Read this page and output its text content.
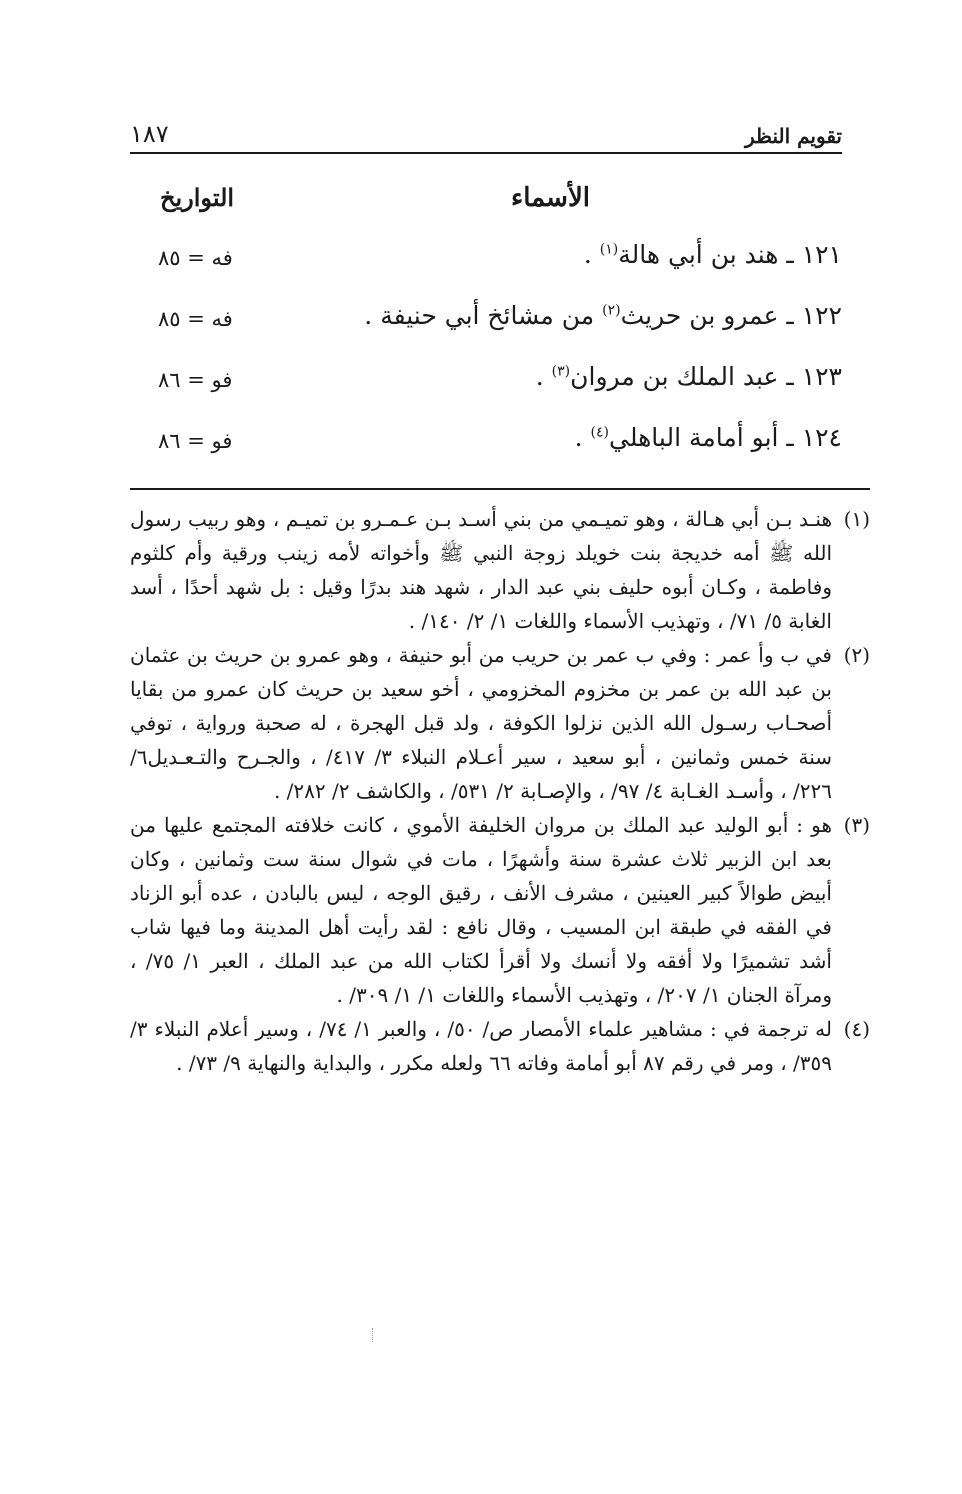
تقويم النظر
١٨٧
الأسماء
التواريخ
١٢١ ـ هند بن أبي هالة$^{(١)}$ .
فه = ٨٥
١٢٢ ـ عمرو بن حريث$^{(٢)}$ من مشائخ أبي حنيفة .
فه = ٨٥
١٢٣ ـ عبد الملك بن مروان$^{(٣)}$ .
فو = ٨٦
١٢٤ ـ أبو أمامة الباهلي$^{(٤)}$ .
فو = ٨٦
(١)
هنـد بـن أبي هـالة ، وهو تميـمي من بني أسـد بـن عـمـرو بن تميـم ، وهو ربيب رسول الله ﷺ أمه خديجة بنت خويلد زوجة النبي ﷺ وأخواته لأمه زينب ورقية وأم كلثوم وفاطمة ، وكـان أبوه حليف بني عبد الدار ، شهد هند بدرًا وقيل : بل شهد أحدًا ، أسد الغابة ٥/ ٧١/ ، وتهذيب الأسماء واللغات ١/ ٢/ ١٤٠/ .
(٢)
في ب وأ عمر : وفي ب عمر بن حريب من أبو حنيفة ، وهو عمرو بن حريث بن عثمان بن عبد الله بن عمر بن مخزوم المخزومي ، أخو سعيد بن حريث كان عمرو من بقايا أصحـاب رسـول الله الذين نزلوا الكوفة ، ولد قبل الهجرة ، له صحبة ورواية ، توفي سنة خمس وثمانين ، أبو سعيد ، سير أعـلام النبلاء ٣/ ٤١٧/ ، والجـرح والتـعـديل٦/ ٢٢٦/ ، وأسـد الغـابة ٤/ ٩٧/ ، والإصـابة ٢/ ٥٣١/ ، والكاشف ٢/ ٢٨٢/ .
(٣)
هو : أبو الوليد عبد الملك بن مروان الخليفة الأموي ، كانت خلافته المجتمع عليها من بعد ابن الزبير ثلاث عشرة سنة وأشهرًا ، مات في شوال سنة ست وثمانين ، وكان أبيض طوالاً كبير العينين ، مشرف الأنف ، رقيق الوجه ، ليس بالبادن ، عده أبو الزناد في الفقه في طبقة ابن المسيب ، وقال نافع : لقد رأيت أهل المدينة وما فيها شاب أشد تشميرًا ولا أفقه ولا أنسك ولا أقرأ لكتاب الله من عبد الملك ، العبر ١/ ٧٥/ ، ومرآة الجنان ١/ ٢٠٧/ ، وتهذيب الأسماء واللغات ١/ ١/ ٣٠٩/ .
(٤)
له ترجمة في : مشاهير علماء الأمصار ص/ ٥٠/ ، والعبر ١/ ٧٤/ ، وسير أعلام النبلاء ٣/ ٣٥٩/ ، ومر في رقم ٨٧ أبو أمامة وفاته ٦٦ ولعله مكرر ، والبداية والنهاية ٩/ ٧٣/ .
